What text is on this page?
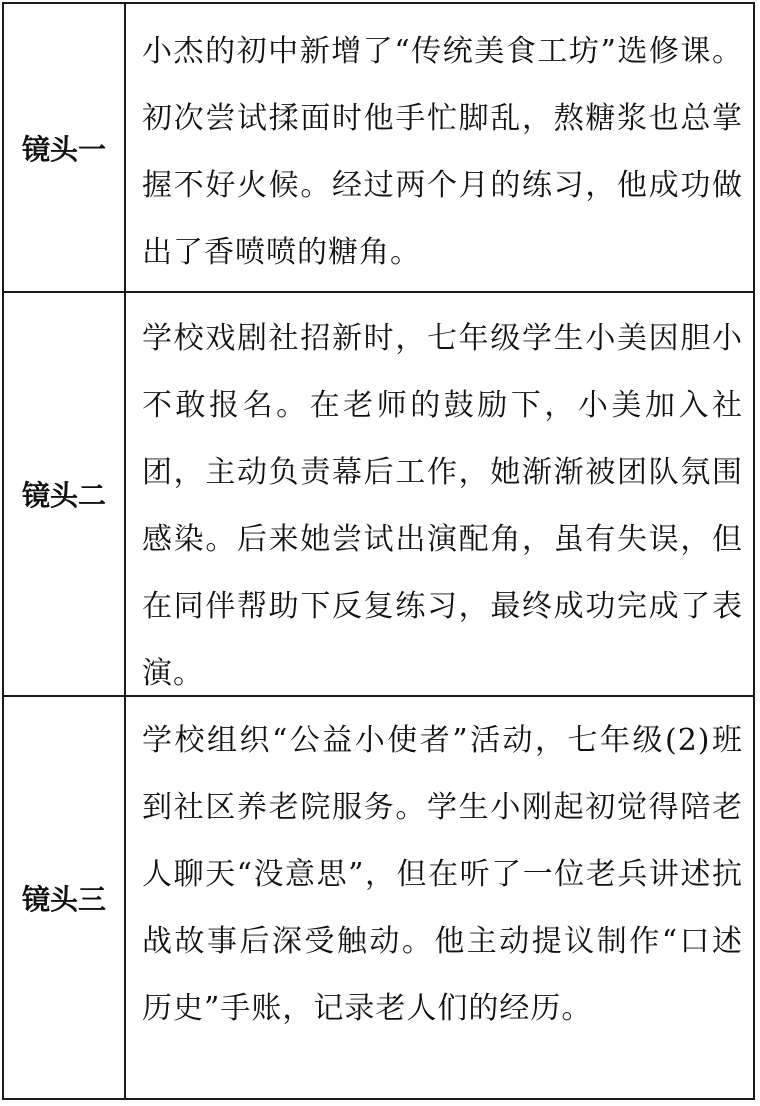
镜头一

小杰的初中新增了“传统美食工坊”选修课。初次尝试揉面时他手忙脚乱，熬糖浆也总掌握不好火候。经过两个月的练习，他成功做出了香喷喷的糖角。

镜头二

学校戏剧社招新时，七年级学生小美因胆小不敢报名。在老师的鼓励下，小美加入社团，主动负责幕后工作，她渐渐被团队氛围感染。后来她尝试出演配角，虽有失误，但在同伴帮助下反复练习，最终成功完成了表演。

镜头三

学校组织“公益小使者”活动，七年级(2)班到社区养老院服务。学生小刚起初觉得陪老人聊天“没意思”，但在听了一位老兵讲述抗战故事后深受触动。他主动提议制作“口述历史”手账，记录老人们的经历。
